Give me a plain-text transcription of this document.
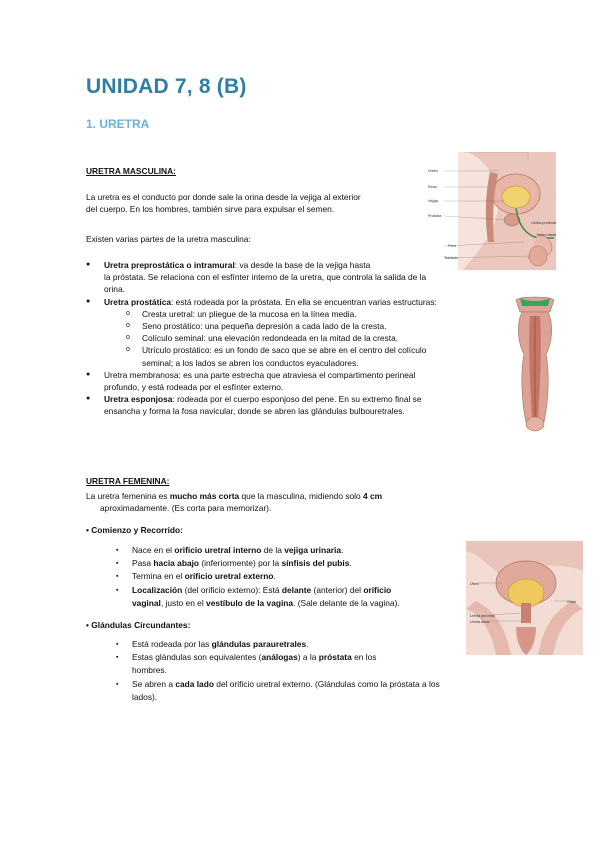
UNIDAD 7, 8 (B)
1. URETRA
URETRA MASCULINA:
La uretra es el conducto por donde sale la orina desde la vejiga al exterior
del cuerpo. En los hombres, también sirve para expulsar el semen.
Existen varias partes de la uretra masculina:
● Uretra preprostática o intramural: va desde la base de la vejiga hasta
la próstata. Se relaciona con el esfínter interno de la uretra, que controla la salida de la
orina.
● Uretra prostática: está rodeada por la próstata. En ella se encuentran varias estructuras:
o Cresta uretral: un pliegue de la mucosa en la línea media.
o Seno prostático: una pequeña depresión a cada lado de la cresta.
o Colículo seminal: una elevación redondeada en la mitad de la cresta.
o Utrículo prostático: es un fondo de saco que se abre en el centro del colículo
seminal; a los lados se abren los conductos eyaculadores.
● Uretra membranosa: es una parte estrecha que atraviesa el compartimento perineal
profundo, y está rodeada por el esfínter externo.
● Uretra esponjosa: rodeada por el cuerpo esponjoso del pene. En su extremo final se
ensancha y forma la fosa navicular, donde se abren las glándulas bulbouretrales.
URETRA FEMENINA:
La uretra femenina es mucho más corta que la masculina, midiendo solo 4 cm
aproximadamente. (Es corta para memorizar).
• Comienzo y Recorrido:
▪ Nace en el orificio uretral interno de la vejiga urinaria.
▪ Pasa hacia abajo (inferiormente) por la sínfisis del pubis.
▪ Termina en el orificio uretral externo.
▪ Localización (del orificio externo): Está delante (anterior) del orificio
vaginal, justo en el vestíbulo de la vagina. (Sale delante de la vagina).
• Glándulas Circundantes:
▪ Está rodeada por las glándulas parauretrales.
▪ Estas glándulas son equivalentes (análogas) a la próstata en los
hombres.
▪ Se abren a cada lado del orificio uretral externo. (Glándulas como la próstata a los
lados).
Uréter
Recto
Vejiga
Próstata
Pene
Testículo
Uretra proximal
Uretra distal
Útero
Orina
Uretra proximal
Uretra distal
